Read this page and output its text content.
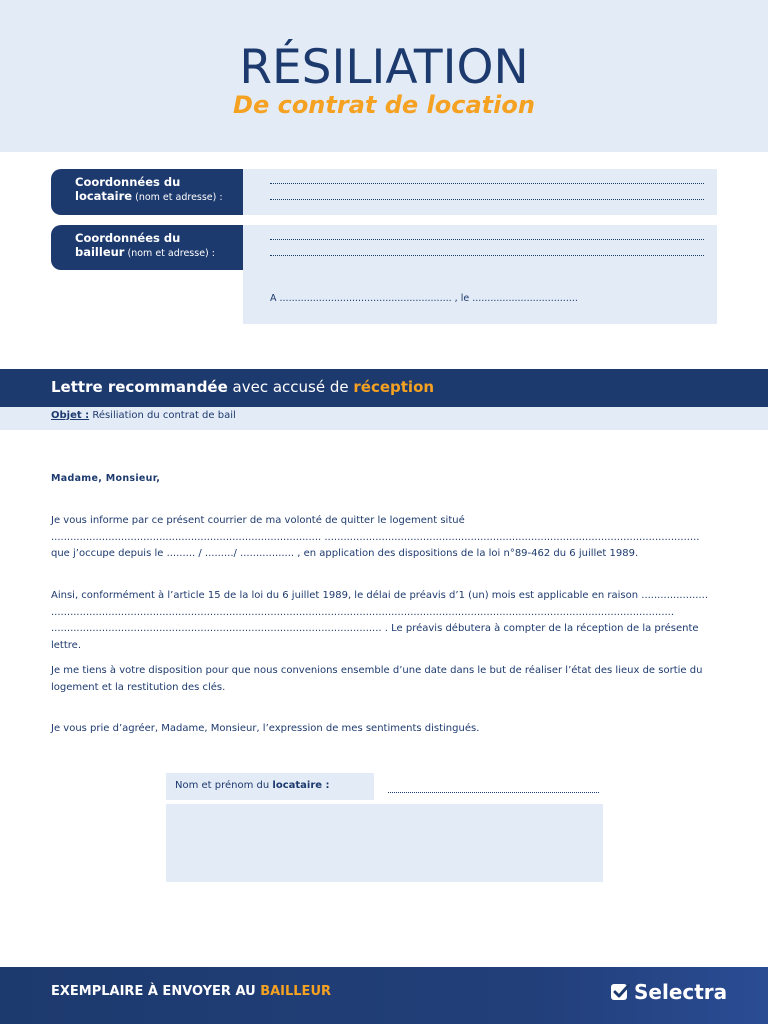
RÉSILIATION
De contrat de location
Coordonnées du
locataire (nom et adresse) :
Coordonnées du
bailleur (nom et adresse) :
A ......................................................... , le ...................................
Lettre recommandée avec accusé de réception
Objet : Résiliation du contrat de bail
Madame, Monsieur,
Je vous informe par ce présent courrier de ma volonté de quitter le logement situé ..................................................................................... ...................................................................................................................... que j’occupe depuis le ......... / ........./ ................. , en application des dispositions de la loi n°89-462 du 6 juillet 1989.
Ainsi, conformément à l’article 15 de la loi du 6 juillet 1989, le délai de préavis d’1 (un) mois est applicable en raison ..................... .................................................................................................................................................................................................... ........................................................................................................ . Le préavis débutera à compter de la réception de la présente lettre.
Je me tiens à votre disposition pour que nous convenions ensemble d’une date dans le but de réaliser l’état des lieux de sortie du logement et la restitution des clés.
Je vous prie d’agréer, Madame, Monsieur, l’expression de mes sentiments distingués.
Nom et prénom du locataire :
EXEMPLAIRE À ENVOYER AU BAILLEUR	Selectra
